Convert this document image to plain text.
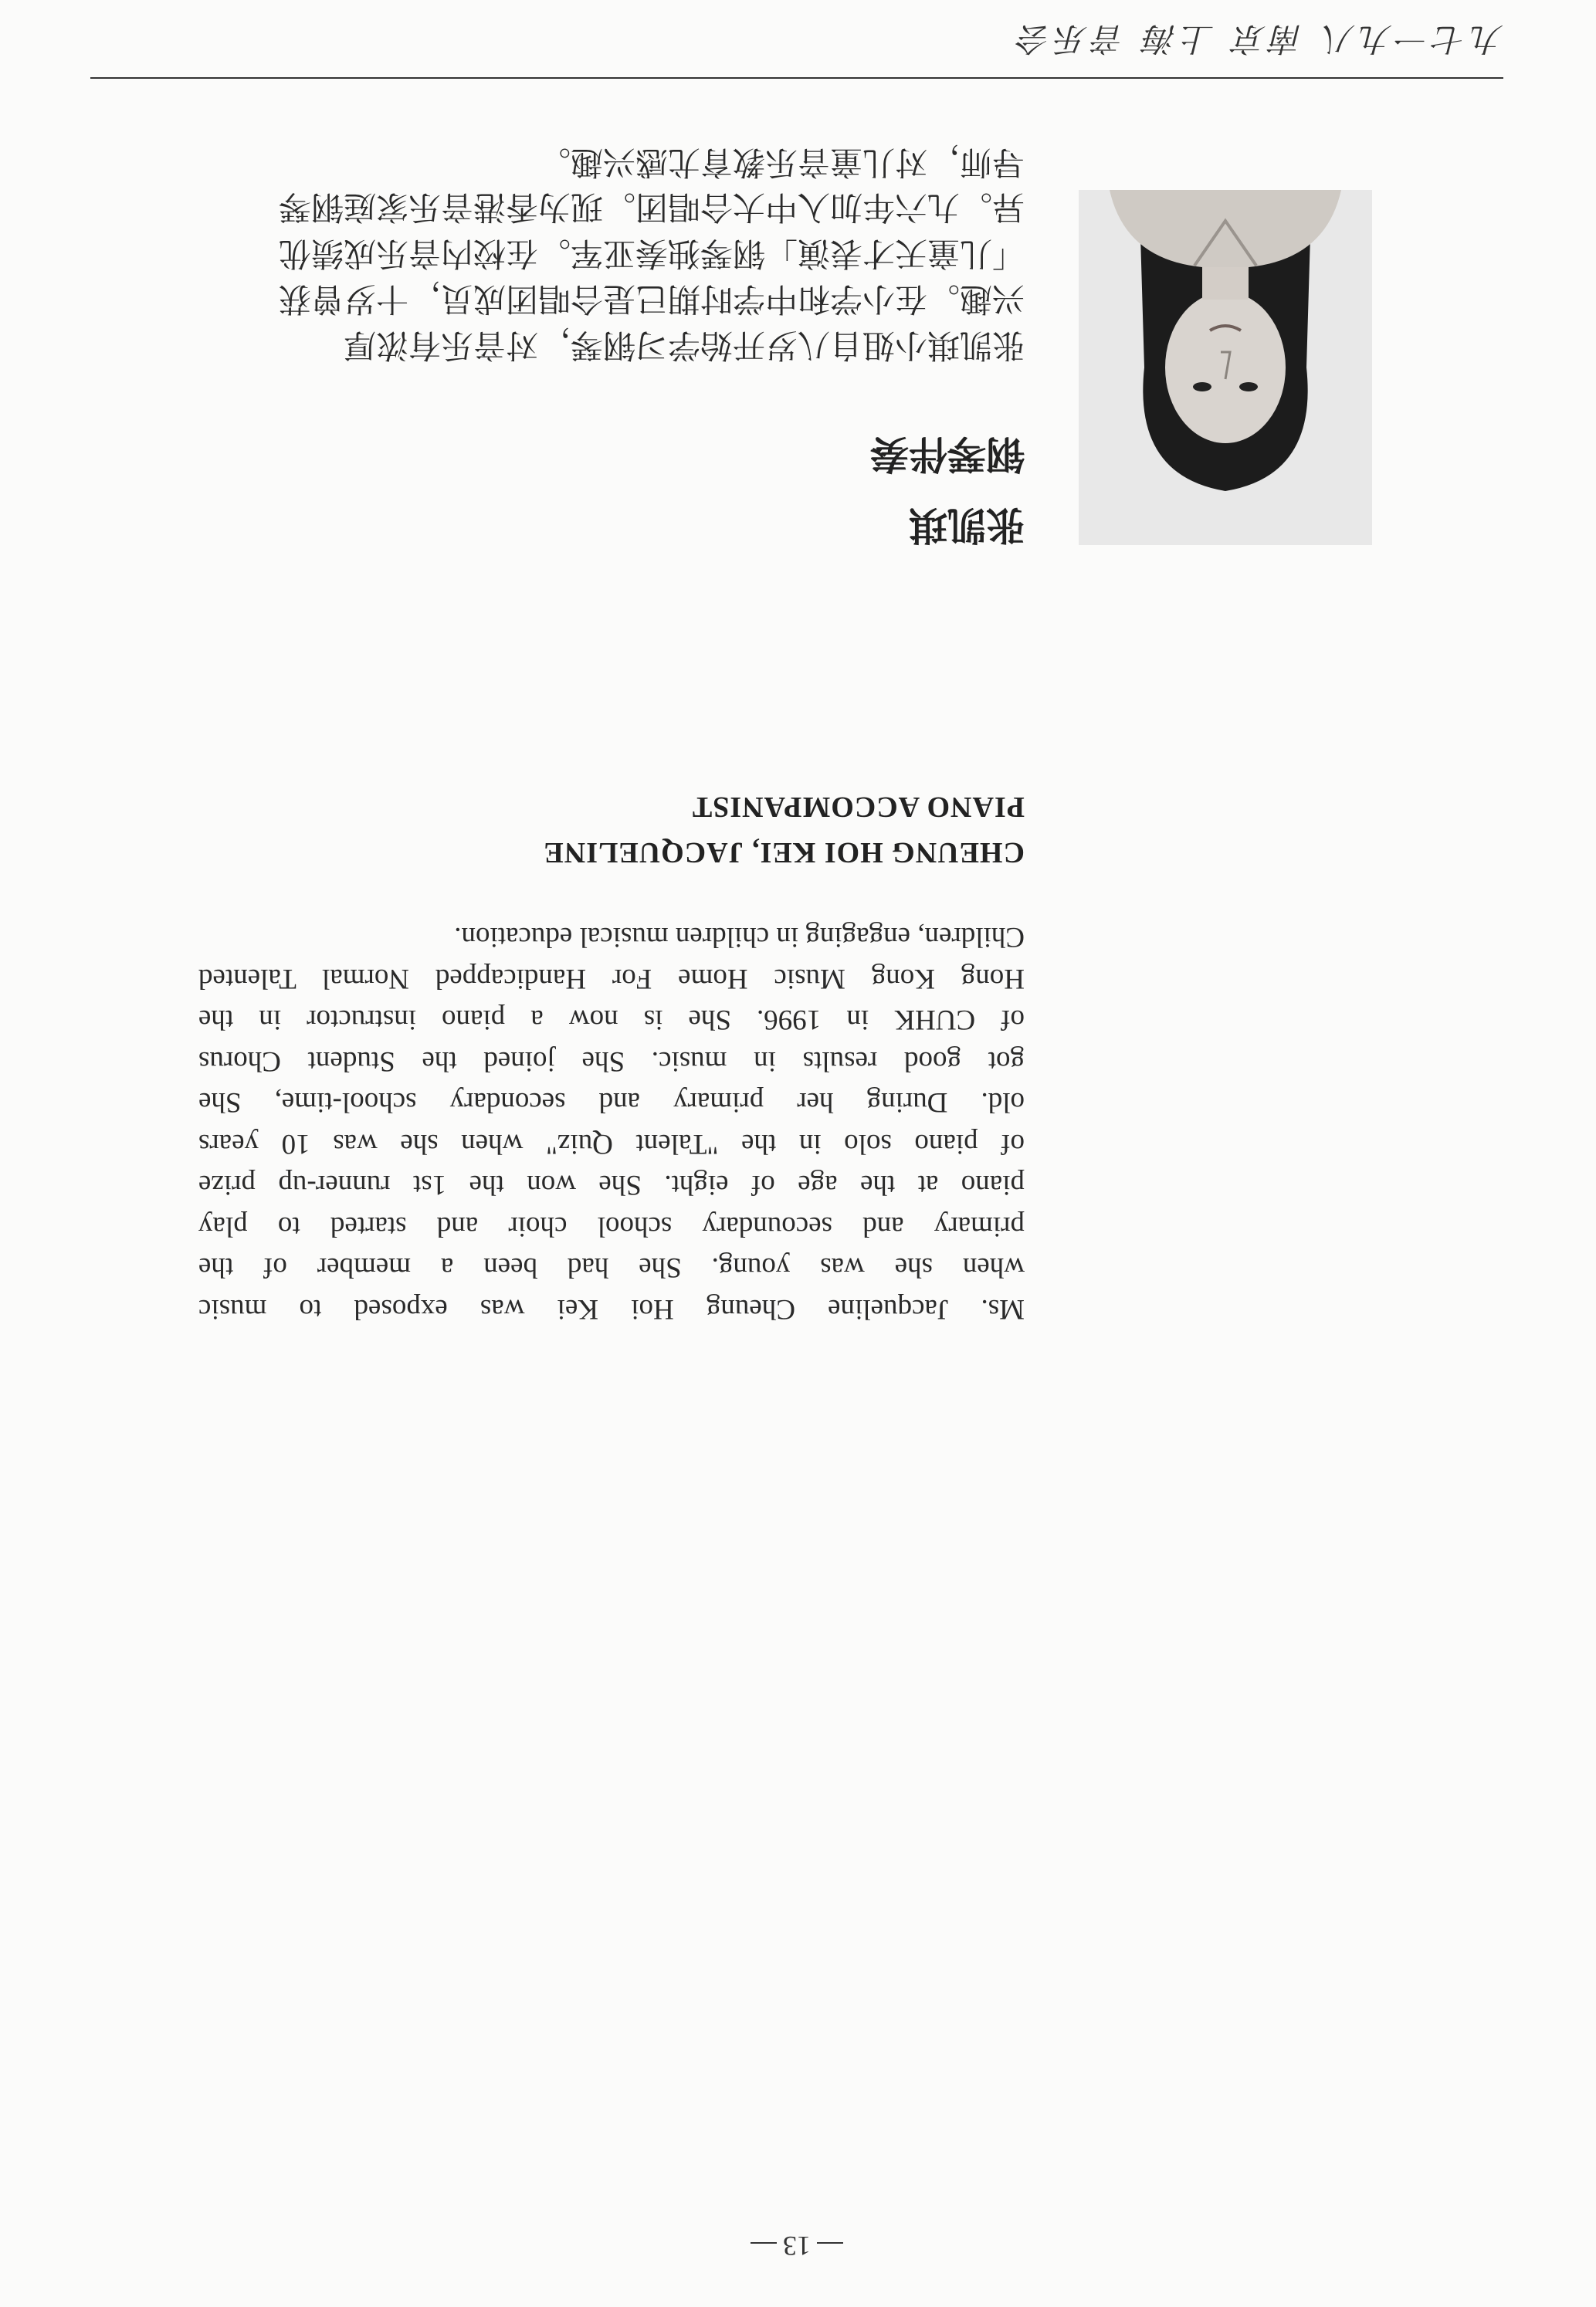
九七一九八 南京 上海 音乐会
张凯琪
钢琴伴奏
张凯琪小姐自八岁开始学习钢琴，对音乐有浓厚
兴趣。在小学和中学时期已是合唱团成员，十岁曾获
「儿童天才表演」钢琴独奏亚军。在校内音乐成绩优
异。九六年加入中大合唱团。现为香港音乐家庭钢琴
导师，对儿童音乐教育尤感兴趣。
CHEUNG HOI KEI, JACQUELINE
PIANO ACCOMPANIST
Ms. Jacqueline Cheung Hoi Kei was exposed to music
when she was young. She had been a member of the
primary and secoundary school choir and started to play
piano at the age of eight. She won the 1st runner-up prize
of piano solo in the "Talent Quiz" when she was 10 years
old. During her primary and secondary school-time, She
got good results in music. She joined the Student Chorus
of CUHK in 1996. She is now a piano instructor in the
Hong Kong Music Home For Handicapped Normal Talented
Children, engaging in children musical education.
13
